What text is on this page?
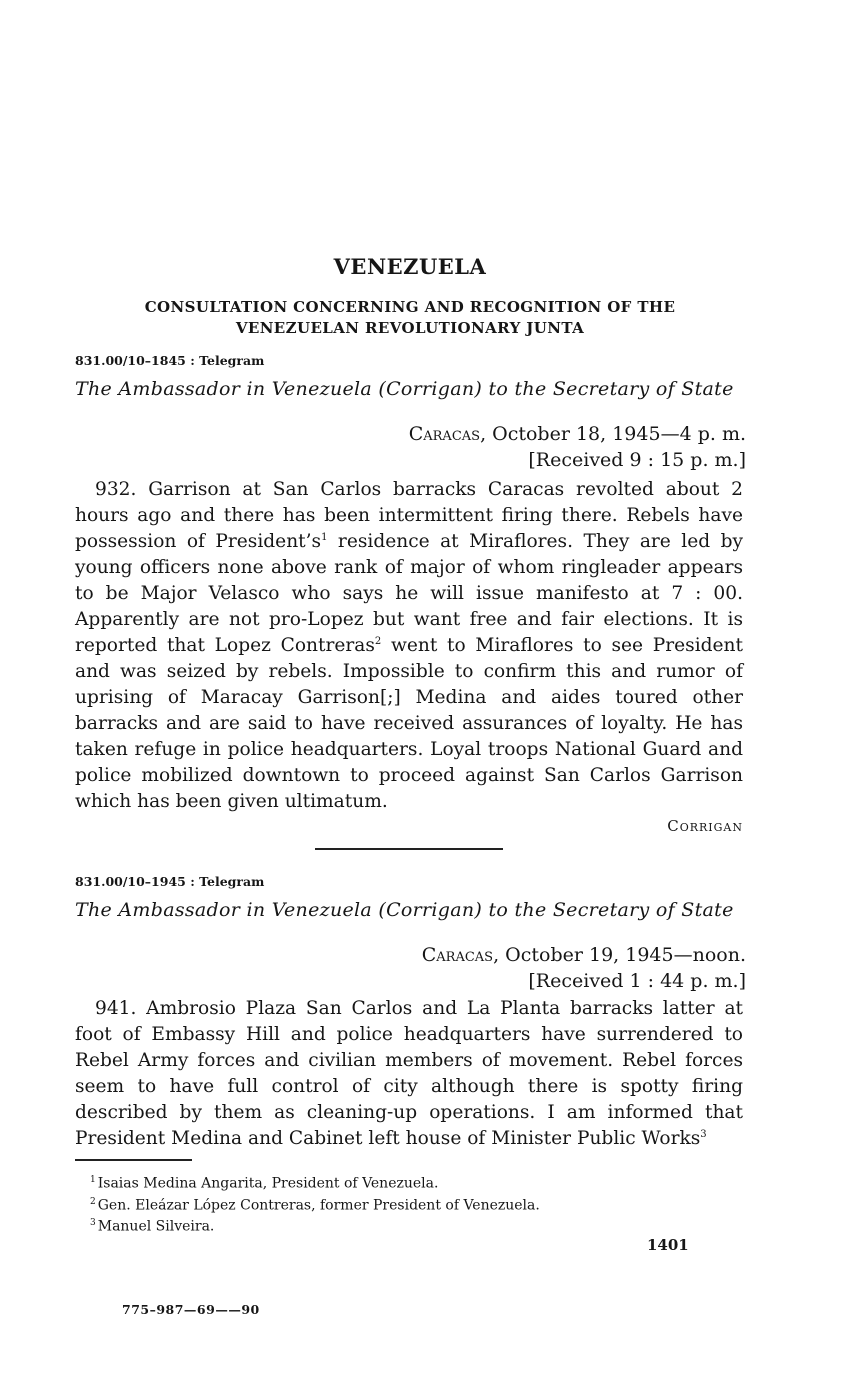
VENEZUELA
CONSULTATION CONCERNING AND RECOGNITION OF THE
VENEZUELAN REVOLUTIONARY JUNTA
831.00/10–1845 : Telegram
The Ambassador in Venezuela (Corrigan) to the Secretary of State
Caracas, October 18, 1945—4 p. m.
[Received 9 : 15 p. m.]

932. Garrison at San Carlos barracks Caracas revolted about 2 hours ago and there has been intermittent firing there. Rebels have possession of President’s$^1$ residence at Miraflores. They are led by young officers none above rank of major of whom ringleader appears to be Major Velasco who says he will issue manifesto at 7 : 00. Apparently are not pro-Lopez but want free and fair elections. It is reported that Lopez Contreras$^2$ went to Miraflores to see President and was seized by rebels. Impossible to confirm this and rumor of uprising of Maracay Garrison[;] Medina and aides toured other barracks and are said to have received assurances of loyalty. He has taken refuge in police headquarters. Loyal troops National Guard and police mobilized downtown to proceed against San Carlos Garrison which has been given ultimatum.

Corrigan
831.00/10–1945 : Telegram
The Ambassador in Venezuela (Corrigan) to the Secretary of State
Caracas, October 19, 1945—noon.
[Received 1 : 44 p. m.]

941. Ambrosio Plaza San Carlos and La Planta barracks latter at foot of Embassy Hill and police headquarters have surrendered to Rebel Army forces and civilian members of movement. Rebel forces seem to have full control of city although there is spotty firing described by them as cleaning-up operations. I am informed that President Medina and Cabinet left house of Minister Public Works$^3$

$^1$ Isaias Medina Angarita, President of Venezuela.
$^2$ Gen. Eleázar López Contreras, former President of Venezuela.
$^3$ Manuel Silveira.
1401
775–987—69——90
